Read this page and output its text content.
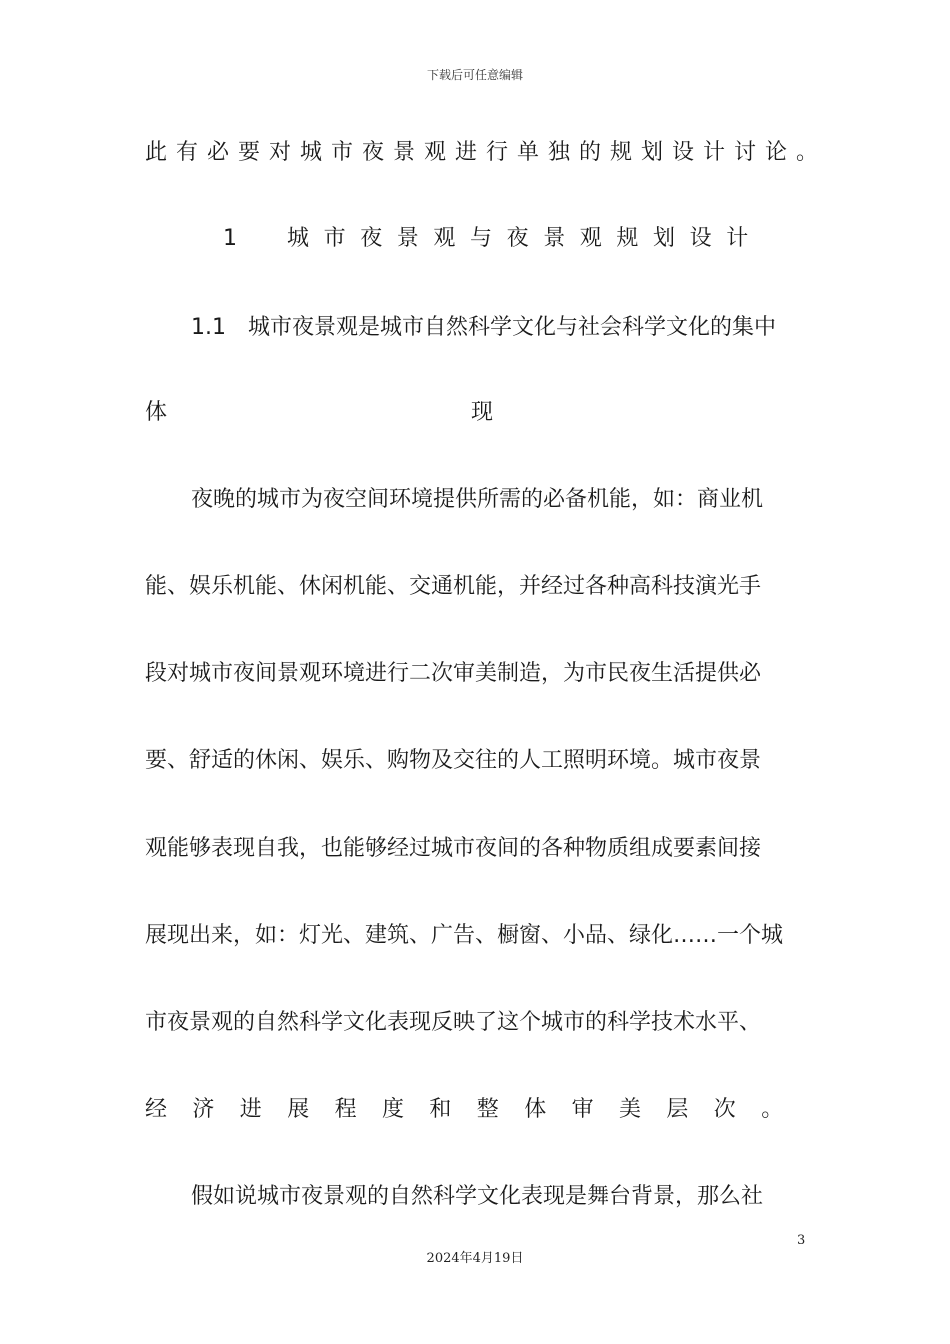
下载后可任意编辑
此有必要对城市夜景观进行单独的规划设计讨论。
1 城市夜景观与夜景观规划设计
1.1　城市夜景观是城市自然科学文化与社会科学文化的集中
体	现
夜晚的城市为夜空间环境提供所需的必备机能，如：商业机
能、娱乐机能、休闲机能、交通机能，并经过各种高科技演光手
段对城市夜间景观环境进行二次审美制造，为市民夜生活提供必
要、舒适的休闲、娱乐、购物及交往的人工照明环境。城市夜景
观能够表现自我，也能够经过城市夜间的各种物质组成要素间接
展现出来，如：灯光、建筑、广告、橱窗、小品、绿化……一个城
市夜景观的自然科学文化表现反映了这个城市的科学技术水平、
经济进展程度和整体审美层次。
假如说城市夜景观的自然科学文化表现是舞台背景，那么社
3
2024年4月19日
